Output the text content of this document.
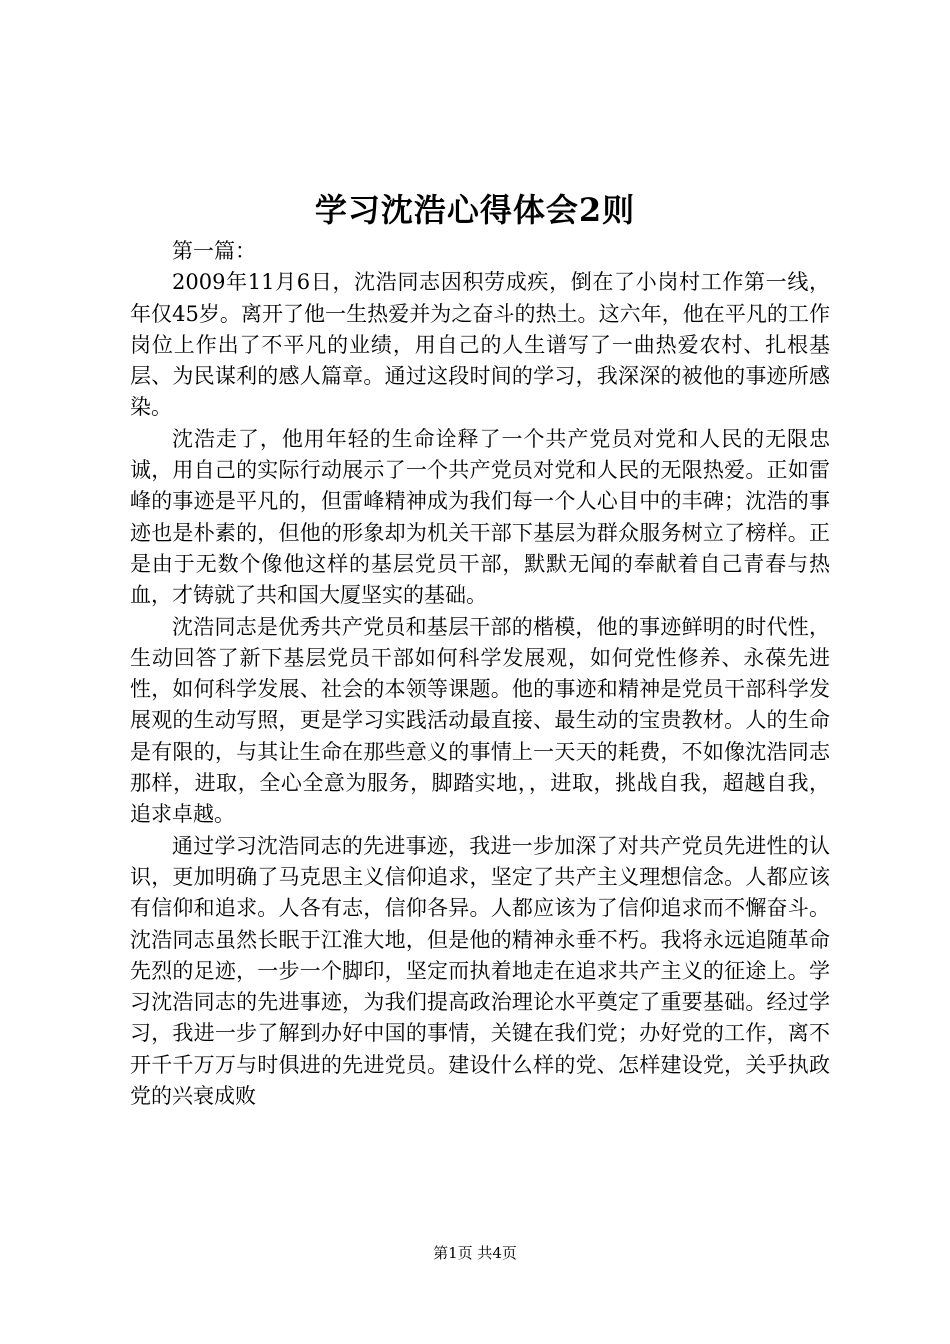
学习沈浩心得体会2则

第一篇：

2009年11月6日，沈浩同志因积劳成疾，倒在了小岗村工作第一线，年仅45岁。离开了他一生热爱并为之奋斗的热土。这六年，他在平凡的工作岗位上作出了不平凡的业绩，用自己的人生谱写了一曲热爱农村、扎根基层、为民谋利的感人篇章。通过这段时间的学习，我深深的被他的事迹所感染。

沈浩走了，他用年轻的生命诠释了一个共产党员对党和人民的无限忠诚，用自己的实际行动展示了一个共产党员对党和人民的无限热爱。正如雷峰的事迹是平凡的，但雷峰精神成为我们每一个人心目中的丰碑；沈浩的事迹也是朴素的，但他的形象却为机关干部下基层为群众服务树立了榜样。正是由于无数个像他这样的基层党员干部，默默无闻的奉献着自己青春与热血，才铸就了共和国大厦坚实的基础。

沈浩同志是优秀共产党员和基层干部的楷模，他的事迹鲜明的时代性，生动回答了新下基层党员干部如何科学发展观，如何党性修养、永葆先进性，如何科学发展、社会的本领等课题。他的事迹和精神是党员干部科学发展观的生动写照，更是学习实践活动最直接、最生动的宝贵教材。人的生命是有限的，与其让生命在那些意义的事情上一天天的耗费，不如像沈浩同志那样，进取，全心全意为服务，脚踏实地，，进取，挑战自我，超越自我，追求卓越。

通过学习沈浩同志的先进事迹，我进一步加深了对共产党员先进性的认识，更加明确了马克思主义信仰追求，坚定了共产主义理想信念。人都应该有信仰和追求。人各有志，信仰各异。人都应该为了信仰追求而不懈奋斗。沈浩同志虽然长眠于江淮大地，但是他的精神永垂不朽。我将永远追随革命先烈的足迹，一步一个脚印，坚定而执着地走在追求共产主义的征途上。学习沈浩同志的先进事迹，为我们提高政治理论水平奠定了重要基础。经过学习，我进一步了解到办好中国的事情，关键在我们党；办好党的工作，离不开千千万万与时俱进的先进党员。建设什么样的党、怎样建设党，关乎执政党的兴衰成败

第1页 共4页
